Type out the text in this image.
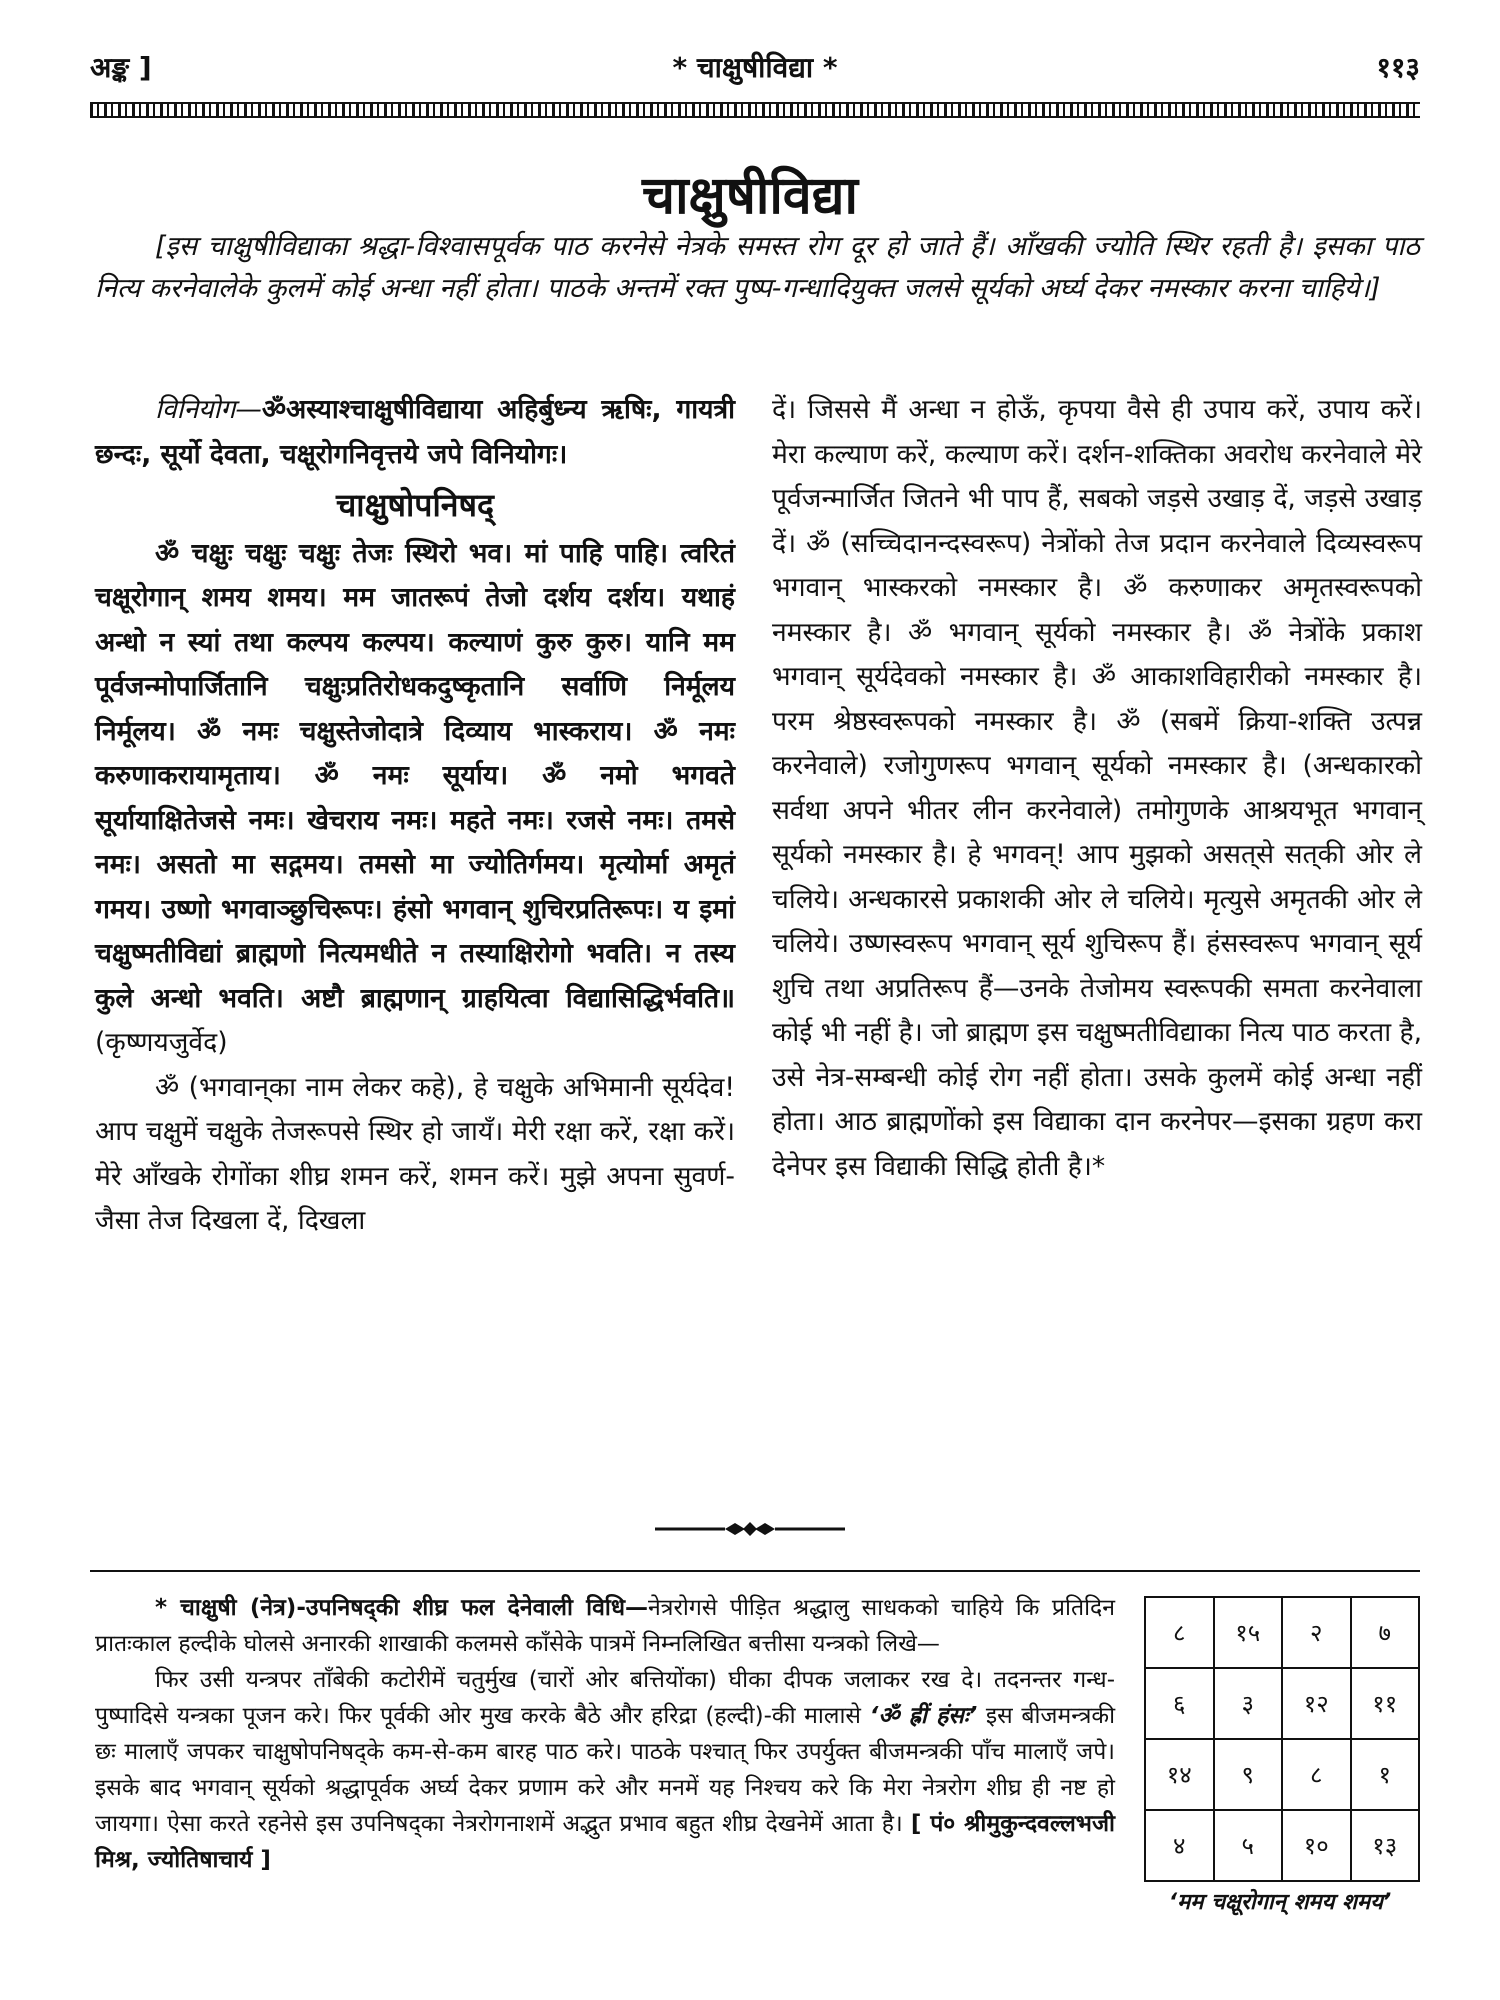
अङ्क ]	* चाक्षुषीविद्या *	११३
चाक्षुषीविद्या
[इस चाक्षुषीविद्याका श्रद्धा-विश्वासपूर्वक पाठ करनेसे नेत्रके समस्त रोग दूर हो जाते हैं। आँखकी ज्योति स्थिर रहती है। इसका पाठ नित्य करनेवालेके कुलमें कोई अन्धा नहीं होता। पाठके अन्तमें रक्त पुष्प-गन्धादियुक्त जलसे सूर्यको अर्घ्य देकर नमस्कार करना चाहिये।]

विनियोग—ॐअस्याश्चाक्षुषीविद्याया अहिर्बुध्न्य ऋषिः, गायत्री छन्दः, सूर्यो देवता, चक्षूरोगनिवृत्तये जपे विनियोगः।

चाक्षुषोपनिषद्

ॐ चक्षुः चक्षुः चक्षुः तेजः स्थिरो भव। मां पाहि पाहि। त्वरितं चक्षूरोगान् शमय शमय। मम जातरूपं तेजो दर्शय दर्शय। यथाहं अन्धो न स्यां तथा कल्पय कल्पय। कल्याणं कुरु कुरु। यानि मम पूर्वजन्मोपार्जितानि चक्षुःप्रतिरोधकदुष्कृतानि सर्वाणि निर्मूलय निर्मूलय। ॐ नमः चक्षुस्तेजोदात्रे दिव्याय भास्कराय। ॐ नमः करुणाकरायामृताय। ॐ नमः सूर्याय। ॐ नमो भगवते सूर्यायाक्षितेजसे नमः। खेचराय नमः। महते नमः। रजसे नमः। तमसे नमः। असतो मा सद्गमय। तमसो मा ज्योतिर्गमय। मृत्योर्मा अमृतं गमय। उष्णो भगवाञ्छुचिरूपः। हंसो भगवान् शुचिरप्रतिरूपः। य इमां चक्षुष्मतीविद्यां ब्राह्मणो नित्यमधीते न तस्याक्षिरोगो भवति। न तस्य कुले अन्धो भवति। अष्टौ ब्राह्मणान् ग्राहयित्वा विद्यासिद्धिर्भवति॥ (कृष्णयजुर्वेद)

ॐ (भगवान्‌का नाम लेकर कहे), हे चक्षुके अभिमानी सूर्यदेव! आप चक्षुमें चक्षुके तेजरूपसे स्थिर हो जायँ। मेरी रक्षा करें, रक्षा करें। मेरे आँखके रोगोंका शीघ्र शमन करें, शमन करें। मुझे अपना सुवर्ण-जैसा तेज दिखला दें, दिखला

दें। जिससे मैं अन्धा न होऊँ, कृपया वैसे ही उपाय करें, उपाय करें। मेरा कल्याण करें, कल्याण करें। दर्शन-शक्तिका अवरोध करनेवाले मेरे पूर्वजन्मार्जित जितने भी पाप हैं, सबको जड़से उखाड़ दें, जड़से उखाड़ दें। ॐ (सच्चिदानन्दस्वरूप) नेत्रोंको तेज प्रदान करनेवाले दिव्यस्वरूप भगवान् भास्करको नमस्कार है। ॐ करुणाकर अमृतस्वरूपको नमस्कार है। ॐ भगवान् सूर्यको नमस्कार है। ॐ नेत्रोंके प्रकाश भगवान् सूर्यदेवको नमस्कार है। ॐ आकाशविहारीको नमस्कार है। परम श्रेष्ठस्वरूपको नमस्कार है। ॐ (सबमें क्रिया-शक्ति उत्पन्न करनेवाले) रजोगुणरूप भगवान् सूर्यको नमस्कार है। (अन्धकारको सर्वथा अपने भीतर लीन करनेवाले) तमोगुणके आश्रयभूत भगवान् सूर्यको नमस्कार है। हे भगवन्! आप मुझको असत्‌से सत्‌की ओर ले चलिये। अन्धकारसे प्रकाशकी ओर ले चलिये। मृत्युसे अमृतकी ओर ले चलिये। उष्णस्वरूप भगवान् सूर्य शुचिरूप हैं। हंसस्वरूप भगवान् सूर्य शुचि तथा अप्रतिरूप हैं—उनके तेजोमय स्वरूपकी समता करनेवाला कोई भी नहीं है। जो ब्राह्मण इस चक्षुष्मतीविद्याका नित्य पाठ करता है, उसे नेत्र-सम्बन्धी कोई रोग नहीं होता। उसके कुलमें कोई अन्धा नहीं होता। आठ ब्राह्मणोंको इस विद्याका दान करनेपर—इसका ग्रहण करा देनेपर इस विद्याकी सिद्धि होती है।*

* चाक्षुषी (नेत्र)-उपनिषद्‌की शीघ्र फल देनेवाली विधि—नेत्ररोगसे पीड़ित श्रद्धालु साधकको चाहिये कि प्रतिदिन प्रातःकाल हल्दीके घोलसे अनारकी शाखाकी कलमसे काँसेके पात्रमें निम्नलिखित बत्तीसा यन्त्रको लिखे—

फिर उसी यन्त्रपर ताँबेकी कटोरीमें चतुर्मुख (चारों ओर बत्तियोंका) घीका दीपक जलाकर रख दे। तदनन्तर गन्ध-पुष्पादिसे यन्त्रका पूजन करे। फिर पूर्वकी ओर मुख करके बैठे और हरिद्रा (हल्दी)-की मालासे ‘ॐ ह्रीं हंसः’ इस बीजमन्त्रकी छः मालाएँ जपकर चाक्षुषोपनिषद्‌के कम-से-कम बारह पाठ करे। पाठके पश्चात् फिर उपर्युक्त बीजमन्त्रकी पाँच मालाएँ जपे। इसके बाद भगवान् सूर्यको श्रद्धापूर्वक अर्घ्य देकर प्रणाम करे और मनमें यह निश्चय करे कि मेरा नेत्ररोग शीघ्र ही नष्ट हो जायगा। ऐसा करते रहनेसे इस उपनिषद्‌का नेत्ररोगनाशमें अद्भुत प्रभाव बहुत शीघ्र देखनेमें आता है। [ पं० श्रीमुकुन्दवल्लभजी मिश्र, ज्योतिषाचार्य ]

८	१५	२	७
६	३	१२	११
१४	९	८	१
४	५	१०	१३
‘मम चक्षूरोगान् शमय शमय’
